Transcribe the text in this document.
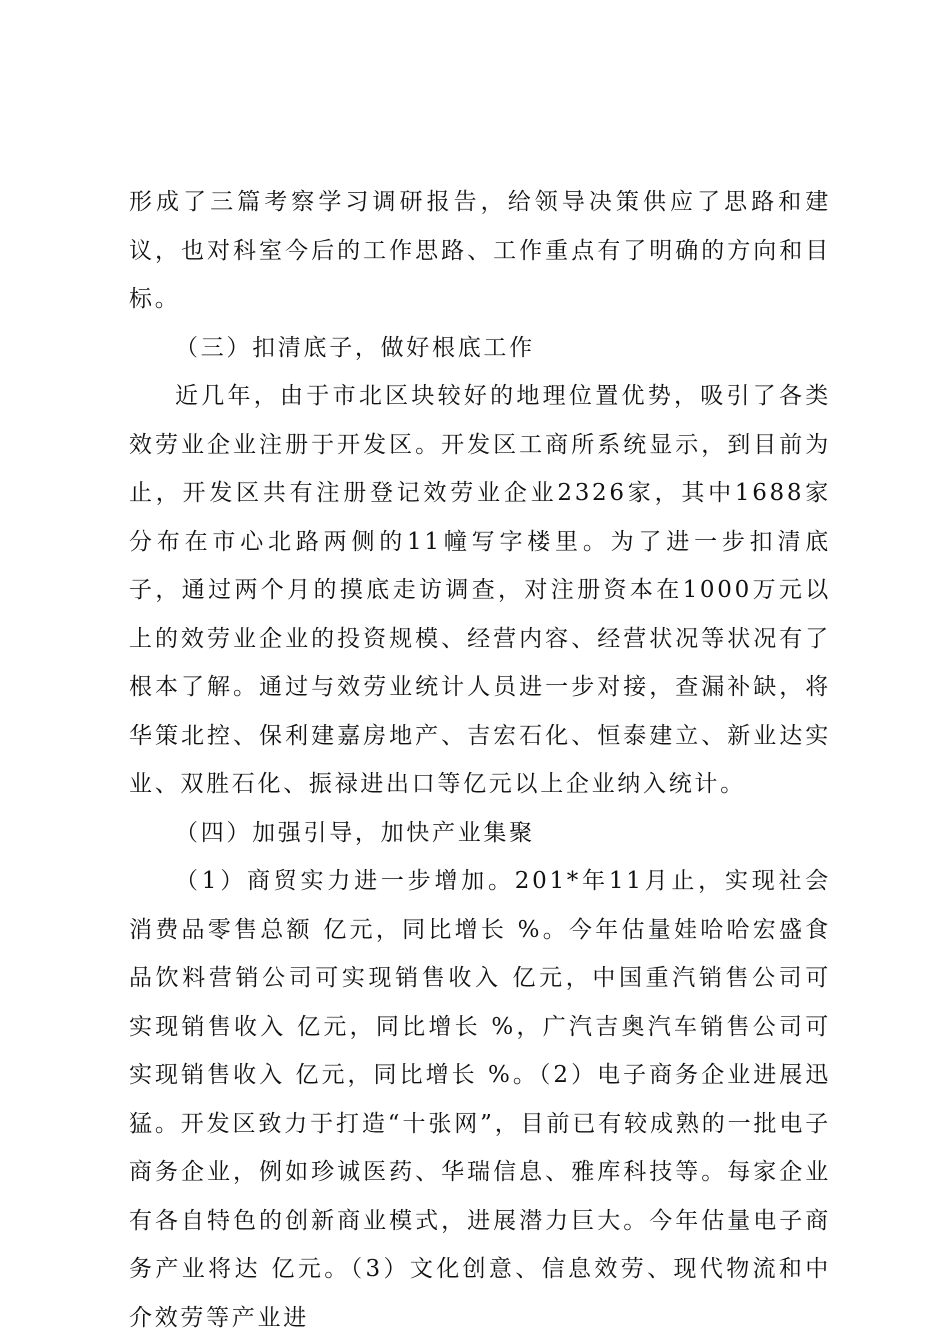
形成了三篇考察学习调研报告，给领导决策供应了思路和建议，也对科室今后的工作思路、工作重点有了明确的方向和目标。

（三）扣清底子，做好根底工作

近几年，由于市北区块较好的地理位置优势，吸引了各类效劳业企业注册于开发区。开发区工商所系统显示，到目前为止，开发区共有注册登记效劳业企业2326家，其中1688家分布在市心北路两侧的11幢写字楼里。为了进一步扣清底子，通过两个月的摸底走访调查，对注册资本在1000万元以上的效劳业企业的投资规模、经营内容、经营状况等状况有了根本了解。通过与效劳业统计人员进一步对接，查漏补缺，将华策北控、保利建嘉房地产、吉宏石化、恒泰建立、新业达实业、双胜石化、振禄进出口等亿元以上企业纳入统计。

（四）加强引导，加快产业集聚

（1）商贸实力进一步增加。201*年11月止，实现社会消费品零售总额 亿元，同比增长 %。今年估量娃哈哈宏盛食品饮料营销公司可实现销售收入 亿元，中国重汽销售公司可实现销售收入 亿元，同比增长 %，广汽吉奥汽车销售公司可实现销售收入 亿元，同比增长 %。（2）电子商务企业进展迅猛。开发区致力于打造“十张网”，目前已有较成熟的一批电子商务企业，例如珍诚医药、华瑞信息、雅库科技等。每家企业有各自特色的创新商业模式，进展潜力巨大。今年估量电子商务产业将达 亿元。（3）文化创意、信息效劳、现代物流和中介效劳等产业进
